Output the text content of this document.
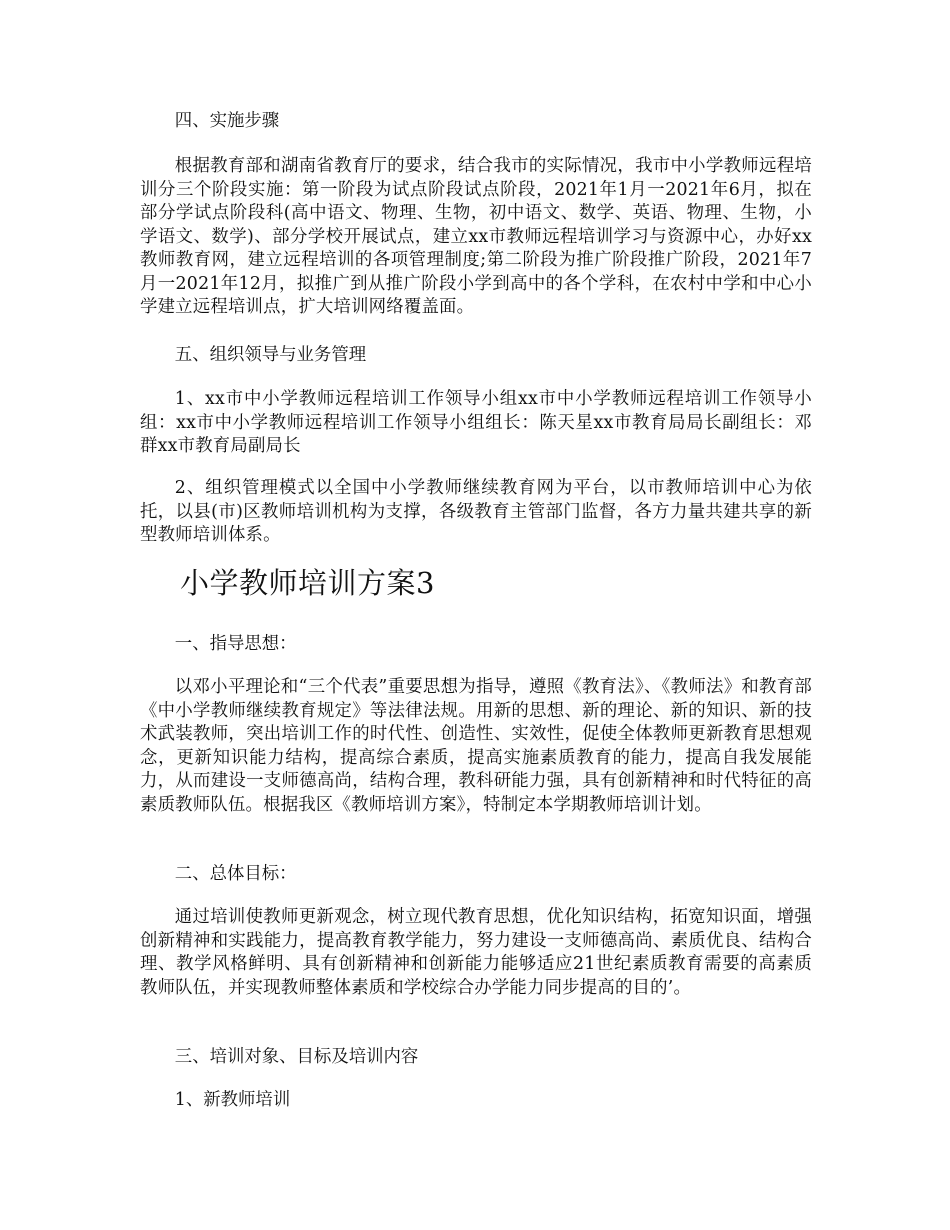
四、实施步骤

根据教育部和湖南省教育厅的要求，结合我市的实际情况，我市中小学教师远程培训分三个阶段实施：第一阶段为试点阶段试点阶段，2021年1月一2021年6月，拟在部分学试点阶段科(高中语文、物理、生物，初中语文、数学、英语、物理、生物，小学语文、数学)、部分学校开展试点，建立xx市教师远程培训学习与资源中心，办好xx教师教育网，建立远程培训的各项管理制度;第二阶段为推广阶段推广阶段，2021年7月一2021年12月，拟推广到从推广阶段小学到高中的各个学科，在农村中学和中心小学建立远程培训点，扩大培训网络覆盖面。

五、组织领导与业务管理

1、xx市中小学教师远程培训工作领导小组xx市中小学教师远程培训工作领导小组：xx市中小学教师远程培训工作领导小组组长：陈天星xx市教育局局长副组长：邓群xx市教育局副局长

2、组织管理模式以全国中小学教师继续教育网为平台，以市教师培训中心为依托，以县(市)区教师培训机构为支撑，各级教育主管部门监督，各方力量共建共享的新型教师培训体系。

小学教师培训方案3

一、指导思想：

以邓小平理论和“三个代表”重要思想为指导，遵照《教育法》、《教师法》和教育部《中小学教师继续教育规定》等法律法规。用新的思想、新的理论、新的知识、新的技术武装教师，突出培训工作的时代性、创造性、实效性，促使全体教师更新教育思想观念，更新知识能力结构，提高综合素质，提高实施素质教育的能力，提高自我发展能力，从而建设一支师德高尚，结构合理，教科研能力强，具有创新精神和时代特征的高素质教师队伍。根据我区《教师培训方案》，特制定本学期教师培训计划。

二、总体目标：

通过培训使教师更新观念，树立现代教育思想，优化知识结构，拓宽知识面，增强创新精神和实践能力，提高教育教学能力，努力建设一支师德高尚、素质优良、结构合理、教学风格鲜明、具有创新精神和创新能力能够适应21世纪素质教育需要的高素质教师队伍，并实现教师整体素质和学校综合办学能力同步提高的目的’。

三、培训对象、目标及培训内容

1、新教师培训
